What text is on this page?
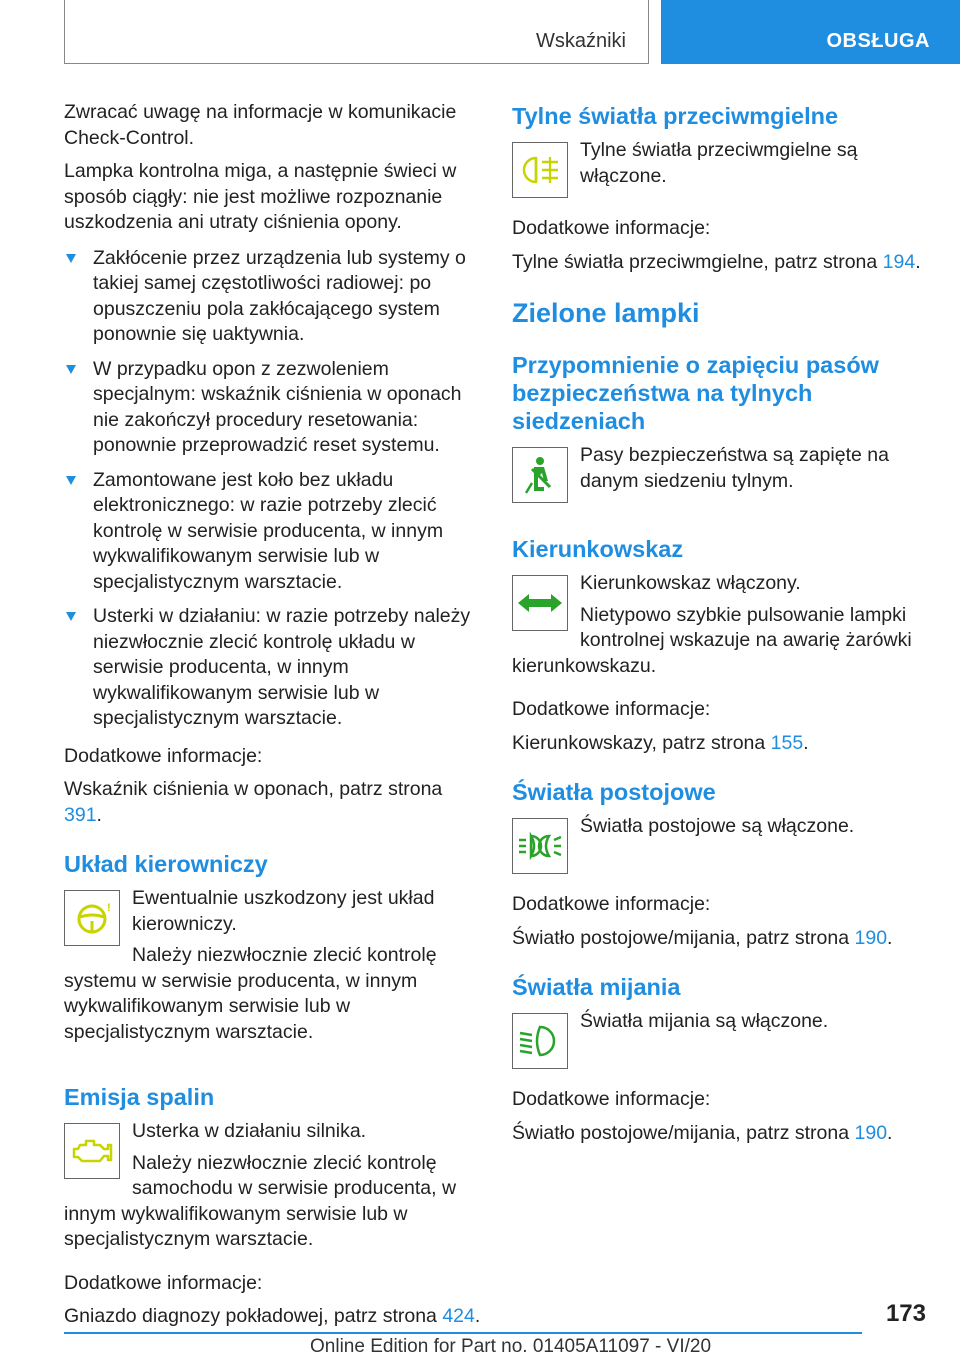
Wskaźniki	OBSŁUGA

Zwracać uwagę na informacje w komunikacie Check-Control.

Lampka kontrolna miga, a następnie świeci w sposób ciągły: nie jest możliwe rozpoznanie uszkodzenia ani utraty ciśnienia opony.

Zakłócenie przez urządzenia lub systemy o takiej samej częstotliwości radiowej: po opuszczeniu pola zakłócającego system ponownie się uaktywnia.
W przypadku opon z zezwoleniem specjalnym: wskaźnik ciśnienia w oponach nie zakończył procedury resetowania: ponownie przeprowadzić reset systemu.
Zamontowane jest koło bez układu elektronicznego: w razie potrzeby zlecić kontrolę w serwisie producenta, w innym wykwalifikowanym serwisie lub w specjalistycznym warsztacie.
Usterki w działaniu: w razie potrzeby należy niezwłocznie zlecić kontrolę układu w serwisie producenta, w innym wykwalifikowanym serwisie lub w specjalistycznym warsztacie.

Dodatkowe informacje:

Wskaźnik ciśnienia w oponach, patrz strona 391.

Układ kierowniczy
!	Ewentualnie uszkodzony jest układ kierowniczy.

Należy niezwłocznie zlecić kontrolę systemu w serwisie producenta, w innym wykwalifikowanym serwisie lub w specjalistycznym warsztacie.

Emisja spalin

Usterka w działaniu silnika.

Należy niezwłocznie zlecić kontrolę samochodu w serwisie producenta, w innym wykwalifikowanym serwisie lub w specjalistycznym warsztacie.

Dodatkowe informacje:

Gniazdo diagnozy pokładowej, patrz strona 424.

Tylne światła przeciwmgielne

Tylne światła przeciwmgielne są włączone.

Dodatkowe informacje:

Tylne światła przeciwmgielne, patrz strona 194.

Zielone lampki
Przypomnienie o zapięciu pasów bezpieczeństwa na tylnych siedzeniach

Pasy bezpieczeństwa są zapięte na danym siedzeniu tylnym.

Kierunkowskaz

Kierunkowskaz włączony.

Nietypowo szybkie pulsowanie lampki kontrolnej wskazuje na awarię żarówki kierunkowskazu.

Dodatkowe informacje:

Kierunkowskazy, patrz strona 155.

Światła postojowe

Światła postojowe są włączone.

Dodatkowe informacje:

Światło postojowe/mijania, patrz strona 190.

Światła mijania

Światła mijania są włączone.

Dodatkowe informacje:

Światło postojowe/mijania, patrz strona 190.

173
Online Edition for Part no. 01405A11097 - VI/20
